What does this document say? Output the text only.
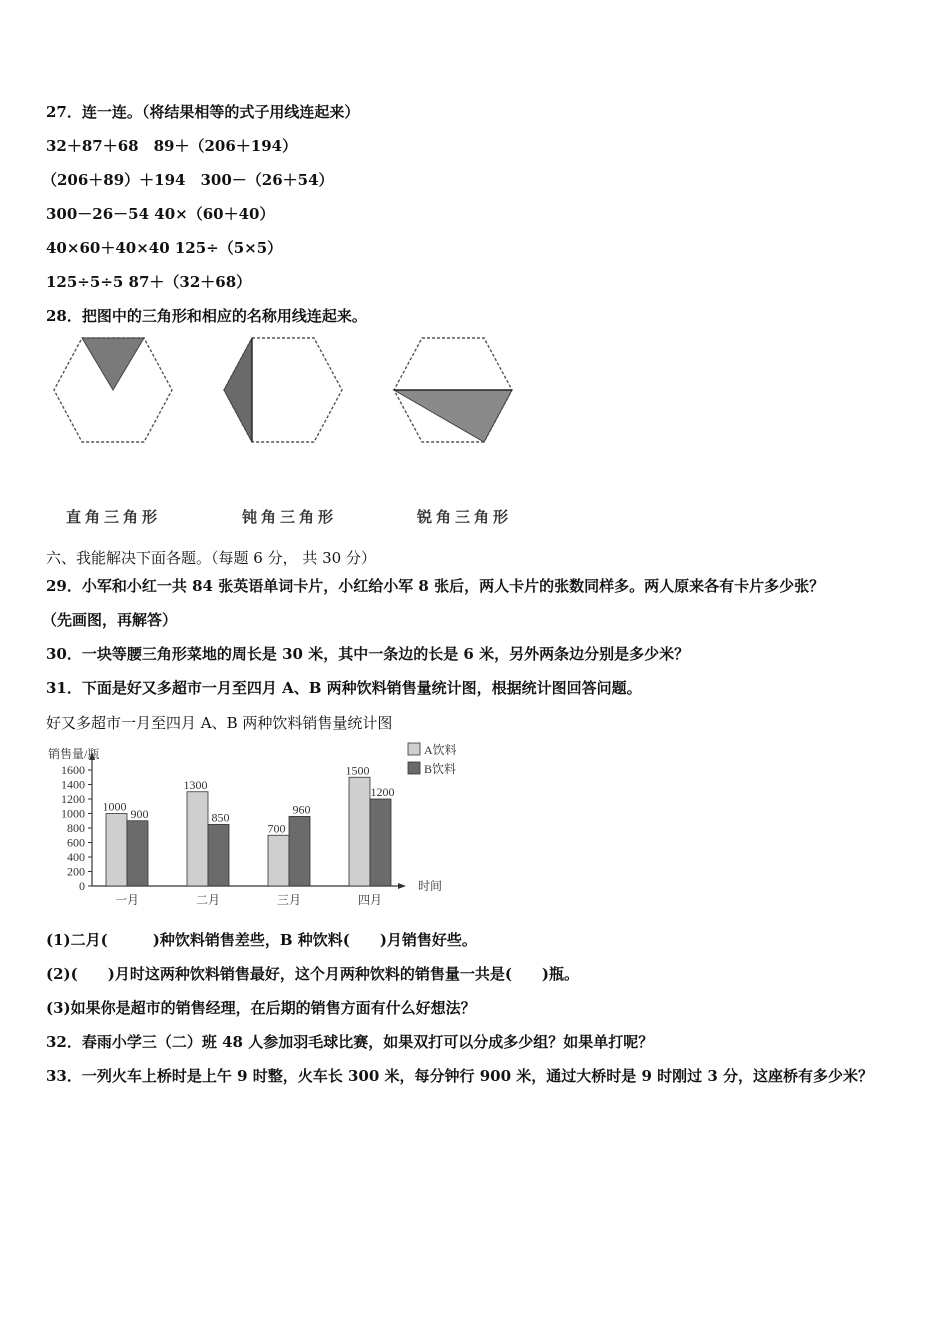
27．连一连。（将结果相等的式子用线连起来）
32＋87＋68　89＋（206＋194）
（206＋89）＋194　300－（26＋54）
300－26－54 40×（60＋40）
40×60＋40×40 125÷（5×5）
125÷5÷5 87＋（32＋68）
28．把图中的三角形和相应的名称用线连起来。
直角三角形	钝角三角形	锐角三角形
六、我能解决下面各题。（每题 6 分， 共 30 分）
29．小军和小红一共 84 张英语单词卡片，小红给小军 8 张后，两人卡片的张数同样多。两人原来各有卡片多少张？
（先画图，再解答）
30．一块等腰三角形菜地的周长是 30 米，其中一条边的长是 6 米，另外两条边分别是多少米？
31．下面是好又多超市一月至四月 A、B 两种饮料销售量统计图，根据统计图回答问题。
好又多超市一月至四月 A、B 两种饮料销售量统计图
销售量/瓶
时间
0
200
400
600
800
1000
1200
1400
1600
1000
900
一月
1300
850
二月
700
960
三月
1500
1200
四月
A饮料
B饮料
(1)二月(　　　)种饮料销售差些，B 种饮料(　　)月销售好些。
(2)(　　)月时这两种饮料销售最好，这个月两种饮料的销售量一共是(　　)瓶。
(3)如果你是超市的销售经理，在后期的销售方面有什么好想法？
32．春雨小学三（二）班 48 人参加羽毛球比赛，如果双打可以分成多少组？如果单打呢？
33．一列火车上桥时是上午 9 时整，火车长 300 米，每分钟行 900 米，通过大桥时是 9 时刚过 3 分，这座桥有多少米？
